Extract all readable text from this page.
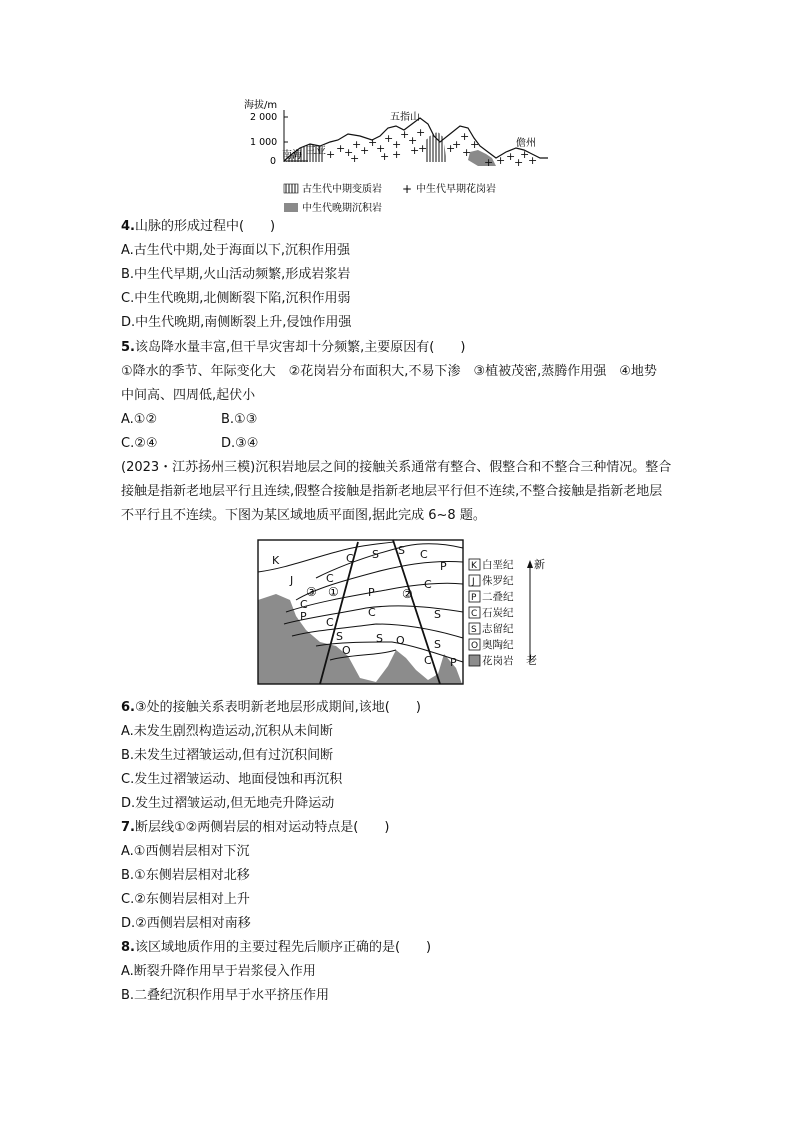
海拔/m
2 000
1 000
0
+ +
+
+
+
+
+
+
+
+
+
+
+ +	+
+
+
+
+ + +
+
+
+
+
+
+
+
南海 三亚
五指山
儋州
古生代中期变质岩 + 中生代早期花岗岩
中生代晚期沉积岩
4.山脉的形成过程中(　　)
A.古生代中期,处于海面以下,沉积作用强
B.中生代早期,火山活动频繁,形成岩浆岩
C.中生代晚期,北侧断裂下陷,沉积作用弱
D.中生代晚期,南侧断裂上升,侵蚀作用强
5.该岛降水量丰富,但干旱灾害却十分频繁,主要原因有(　　)
①降水的季节、年际变化大　②花岗岩分布面积大,不易下渗　③植被茂密,蒸腾作用强　④地势
中间高、四周低,起伏小
A.①②	B.①③
C.②④	D.③④
(2023・江苏扬州三模)沉积岩地层之间的接触关系通常有整合、假整合和不整合三种情况。整合
接触是指新老地层平行且连续,假整合接触是指新老地层平行但不连续,不整合接触是指新老地层
不平行且不连续。下图为某区域地质平面图,据此完成 6~8 题。
K
J
S S
C	C
P
C
P
C
C
P	C	S
C
S
S
O
O	S
C P
③ ①	②
K 白垩纪
J 侏罗纪
P 二叠纪
C 石炭纪
S 志留纪
O 奥陶纪
花岗岩
新
老
6.③处的接触关系表明新老地层形成期间,该地(　　)
A.未发生剧烈构造运动,沉积从未间断
B.未发生过褶皱运动,但有过沉积间断
C.发生过褶皱运动、地面侵蚀和再沉积
D.发生过褶皱运动,但无地壳升降运动
7.断层线①②两侧岩层的相对运动特点是(　　)
A.①西侧岩层相对下沉
B.①东侧岩层相对北移
C.②东侧岩层相对上升
D.②西侧岩层相对南移
8.该区域地质作用的主要过程先后顺序正确的是(　　)
A.断裂升降作用早于岩浆侵入作用
B.二叠纪沉积作用早于水平挤压作用
